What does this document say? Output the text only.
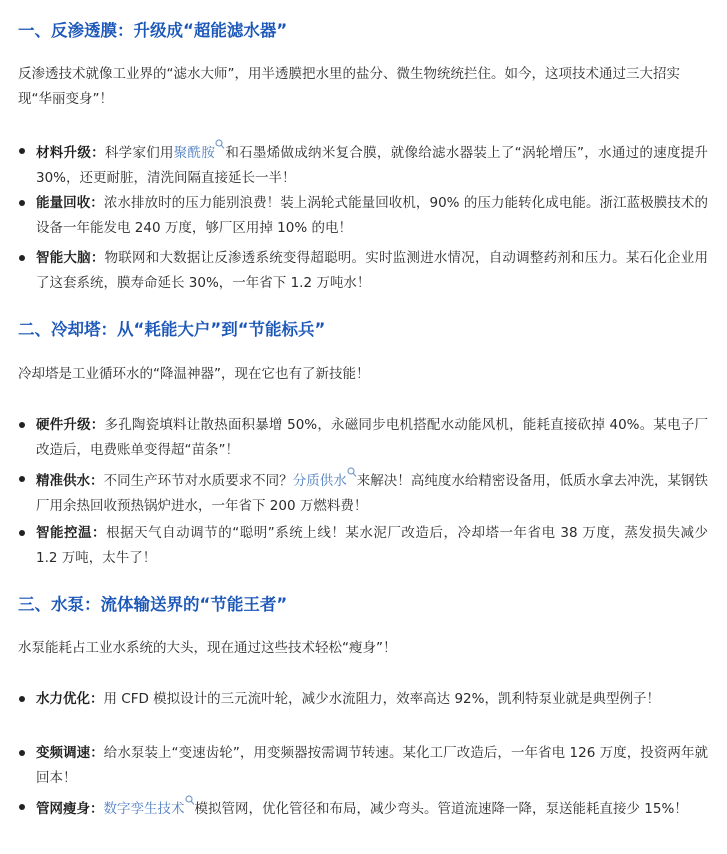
一、反渗透膜：升级成“超能滤水器”

反渗透技术就像工业界的“滤水大师”，用半透膜把水里的盐分、微生物统统拦住。如今，这项技术通过三大招实现“华丽变身”！

材料升级：科学家们用聚酰胺 和石墨烯做成纳米复合膜，就像给滤水器装上了“涡轮增压”，水通过的速度提升 30%，还更耐脏，清洗间隔直接延长一半！
能量回收：浓水排放时的压力能别浪费！装上涡轮式能量回收机，90% 的压力能转化成电能。浙江蓝极膜技术的设备一年能发电 240 万度，够厂区用掉 10% 的电！
智能大脑：物联网和大数据让反渗透系统变得超聪明。实时监测进水情况，自动调整药剂和压力。某石化企业用了这套系统，膜寿命延长 30%，一年省下 1.2 万吨水！
二、冷却塔：从“耗能大户”到“节能标兵”

冷却塔是工业循环水的“降温神器”，现在它也有了新技能！

硬件升级：多孔陶瓷填料让散热面积暴增 50%，永磁同步电机搭配水动能风机，能耗直接砍掉 40%。某电子厂改造后，电费账单变得超“苗条”！
精准供水：不同生产环节对水质要求不同？分质供水 来解决！高纯度水给精密设备用，低质水拿去冲洗，某钢铁厂用余热回收预热锅炉进水，一年省下 200 万燃料费！
智能控温：根据天气自动调节的“聪明”系统上线！某水泥厂改造后，冷却塔一年省电 38 万度，蒸发损失减少 1.2 万吨，太牛了！
三、水泵：流体输送界的“节能王者”

水泵能耗占工业水系统的大头，现在通过这些技术轻松“瘦身”！

水力优化：用 CFD 模拟设计的三元流叶轮，减少水流阻力，效率高达 92%，凯利特泵业就是典型例子！
变频调速：给水泵装上“变速齿轮”，用变频器按需调节转速。某化工厂改造后，一年省电 126 万度，投资两年就回本！
管网瘦身：数字孪生技术 模拟管网，优化管径和布局，减少弯头。管道流速降一降，泵送能耗直接少 15%！
